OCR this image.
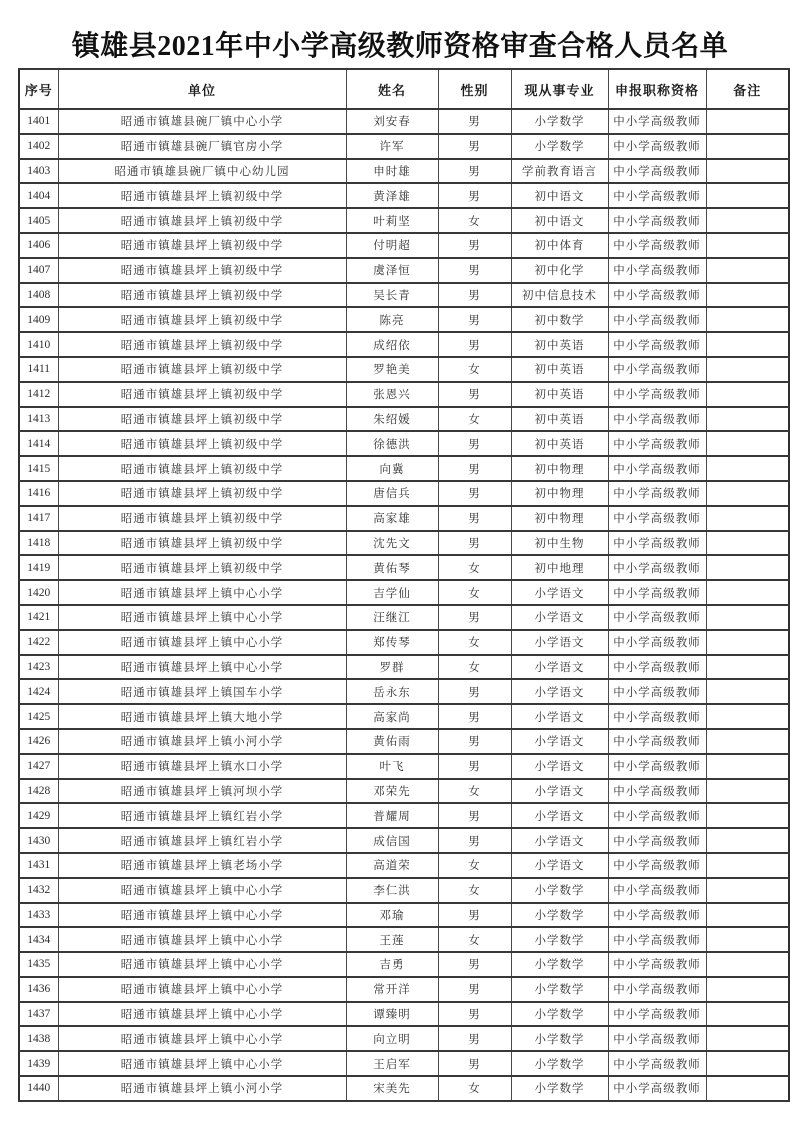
镇雄县2021年中小学高级教师资格审查合格人员名单
序号	单位	姓名	性别	现从事专业	申报职称资格	备注
1401	昭通市镇雄县碗厂镇中心小学	刘安春	男	小学数学	中小学高级教师	
1402	昭通市镇雄县碗厂镇官房小学	许军	男	小学数学	中小学高级教师	
1403	昭通市镇雄县碗厂镇中心幼儿园	申时雄	男	学前教育语言	中小学高级教师	
1404	昭通市镇雄县坪上镇初级中学	黄泽雄	男	初中语文	中小学高级教师	
1405	昭通市镇雄县坪上镇初级中学	叶莉坚	女	初中语文	中小学高级教师	
1406	昭通市镇雄县坪上镇初级中学	付明超	男	初中体育	中小学高级教师	
1407	昭通市镇雄县坪上镇初级中学	虞泽恒	男	初中化学	中小学高级教师	
1408	昭通市镇雄县坪上镇初级中学	吴长青	男	初中信息技术	中小学高级教师	
1409	昭通市镇雄县坪上镇初级中学	陈亮	男	初中数学	中小学高级教师	
1410	昭通市镇雄县坪上镇初级中学	成绍依	男	初中英语	中小学高级教师	
1411	昭通市镇雄县坪上镇初级中学	罗艳美	女	初中英语	中小学高级教师	
1412	昭通市镇雄县坪上镇初级中学	张恩兴	男	初中英语	中小学高级教师	
1413	昭通市镇雄县坪上镇初级中学	朱绍媛	女	初中英语	中小学高级教师	
1414	昭通市镇雄县坪上镇初级中学	徐德洪	男	初中英语	中小学高级教师	
1415	昭通市镇雄县坪上镇初级中学	向冀	男	初中物理	中小学高级教师	
1416	昭通市镇雄县坪上镇初级中学	唐信兵	男	初中物理	中小学高级教师	
1417	昭通市镇雄县坪上镇初级中学	高家雄	男	初中物理	中小学高级教师	
1418	昭通市镇雄县坪上镇初级中学	沈先文	男	初中生物	中小学高级教师	
1419	昭通市镇雄县坪上镇初级中学	黄佑琴	女	初中地理	中小学高级教师	
1420	昭通市镇雄县坪上镇中心小学	吉学仙	女	小学语文	中小学高级教师	
1421	昭通市镇雄县坪上镇中心小学	汪继江	男	小学语文	中小学高级教师	
1422	昭通市镇雄县坪上镇中心小学	郑传琴	女	小学语文	中小学高级教师	
1423	昭通市镇雄县坪上镇中心小学	罗群	女	小学语文	中小学高级教师	
1424	昭通市镇雄县坪上镇国车小学	岳永东	男	小学语文	中小学高级教师	
1425	昭通市镇雄县坪上镇大地小学	高家尚	男	小学语文	中小学高级教师	
1426	昭通市镇雄县坪上镇小河小学	黄佑雨	男	小学语文	中小学高级教师	
1427	昭通市镇雄县坪上镇水口小学	叶飞	男	小学语文	中小学高级教师	
1428	昭通市镇雄县坪上镇河坝小学	邓荣先	女	小学语文	中小学高级教师	
1429	昭通市镇雄县坪上镇红岩小学	普耀周	男	小学语文	中小学高级教师	
1430	昭通市镇雄县坪上镇红岩小学	成信国	男	小学语文	中小学高级教师	
1431	昭通市镇雄县坪上镇老场小学	高道荣	女	小学语文	中小学高级教师	
1432	昭通市镇雄县坪上镇中心小学	李仁洪	女	小学数学	中小学高级教师	
1433	昭通市镇雄县坪上镇中心小学	邓瑜	男	小学数学	中小学高级教师	
1434	昭通市镇雄县坪上镇中心小学	王莲	女	小学数学	中小学高级教师	
1435	昭通市镇雄县坪上镇中心小学	吉勇	男	小学数学	中小学高级教师	
1436	昭通市镇雄县坪上镇中心小学	常开洋	男	小学数学	中小学高级教师	
1437	昭通市镇雄县坪上镇中心小学	谭臻明	男	小学数学	中小学高级教师	
1438	昭通市镇雄县坪上镇中心小学	向立明	男	小学数学	中小学高级教师	
1439	昭通市镇雄县坪上镇中心小学	王启军	男	小学数学	中小学高级教师	
1440	昭通市镇雄县坪上镇小河小学	宋美先	女	小学数学	中小学高级教师	
